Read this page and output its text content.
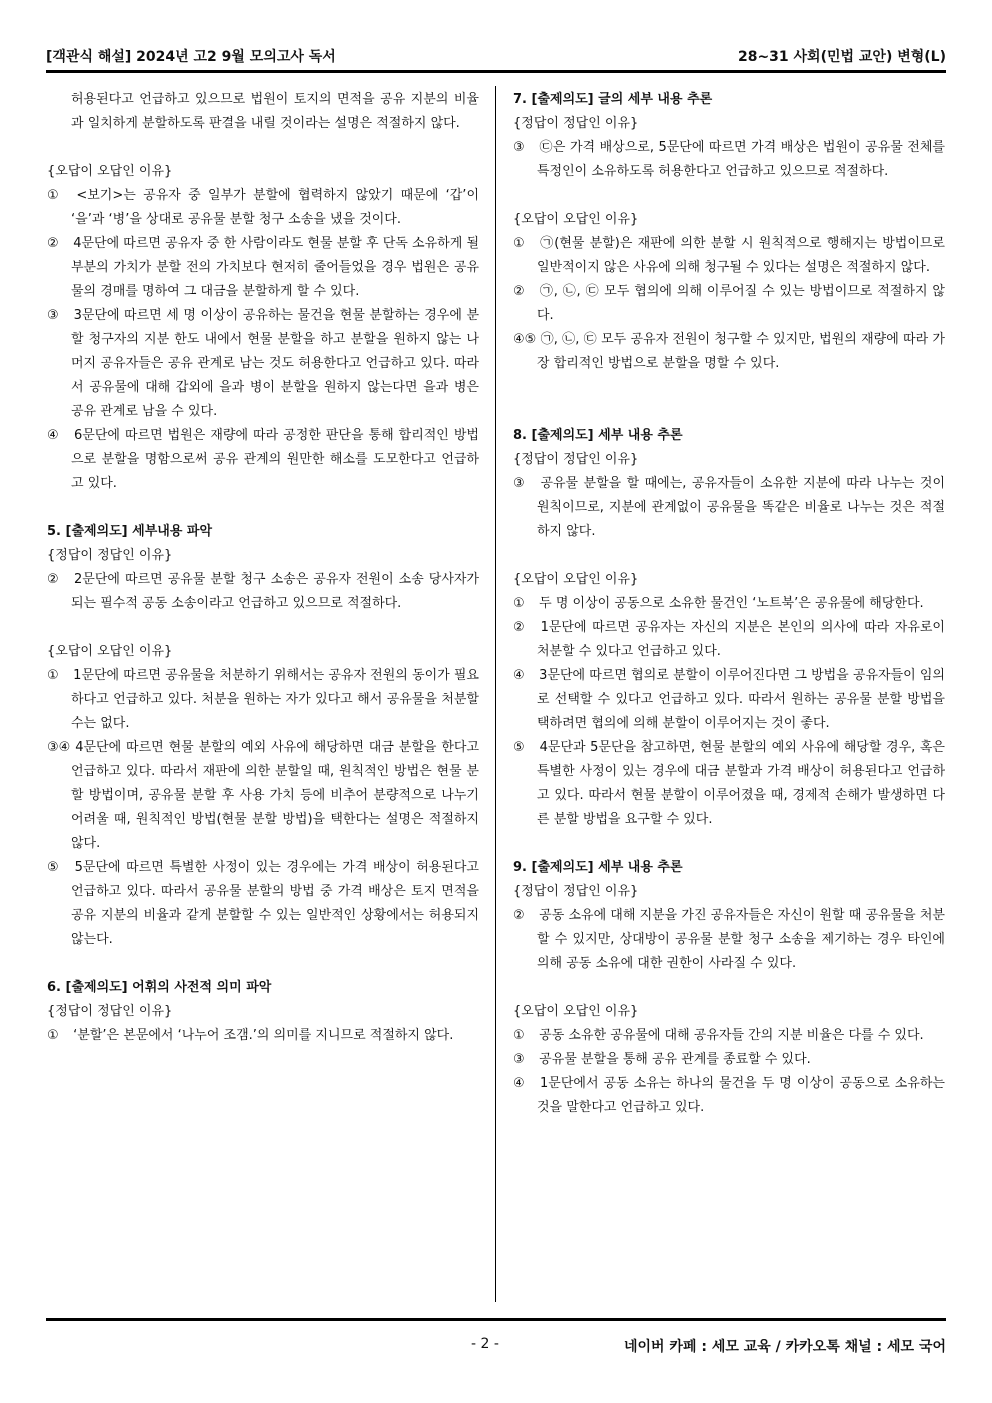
[객관식 해설] 2024년 고2 9월 모의고사 독서	28~31 사회(민법 교안) 변형(L)

허용된다고 언급하고 있으므로 법원이 토지의 면적을 공유 지분의 비율과 일치하게 분할하도록 판결을 내릴 것이라는 설명은 적절하지 않다.

{오답이 오답인 이유}

① <보기>는 공유자 중 일부가 분할에 협력하지 않았기 때문에 ‘갑’이 ‘을’과 ‘병’을 상대로 공유물 분할 청구 소송을 냈을 것이다.

② 4문단에 따르면 공유자 중 한 사람이라도 현물 분할 후 단독 소유하게 될 부분의 가치가 분할 전의 가치보다 현저히 줄어들었을 경우 법원은 공유물의 경매를 명하여 그 대금을 분할하게 할 수 있다.

③ 3문단에 따르면 세 명 이상이 공유하는 물건을 현물 분할하는 경우에 분할 청구자의 지분 한도 내에서 현물 분할을 하고 분할을 원하지 않는 나머지 공유자들은 공유 관계로 남는 것도 허용한다고 언급하고 있다. 따라서 공유물에 대해 갑외에 을과 병이 분할을 원하지 않는다면 을과 병은 공유 관계로 남을 수 있다.

④ 6문단에 따르면 법원은 재량에 따라 공정한 판단을 통해 합리적인 방법으로 분할을 명함으로써 공유 관계의 원만한 해소를 도모한다고 언급하고 있다.

5. [출제의도] 세부내용 파악

{정답이 정답인 이유}

② 2문단에 따르면 공유물 분할 청구 소송은 공유자 전원이 소송 당사자가 되는 필수적 공동 소송이라고 언급하고 있으므로 적절하다.

{오답이 오답인 이유}

① 1문단에 따르면 공유물을 처분하기 위해서는 공유자 전원의 동이가 필요하다고 언급하고 있다. 처분을 원하는 자가 있다고 해서 공유물을 처분할 수는 없다.

③④ 4문단에 따르면 현물 분할의 예외 사유에 해당하면 대금 분할을 한다고 언급하고 있다. 따라서 재판에 의한 분할일 때, 원칙적인 방법은 현물 분할 방법이며, 공유물 분할 후 사용 가치 등에 비추어 분량적으로 나누기 어려울 때, 원칙적인 방법(현물 분할 방법)을 택한다는 설명은 적절하지 않다.

⑤ 5문단에 따르면 특별한 사정이 있는 경우에는 가격 배상이 허용된다고 언급하고 있다. 따라서 공유물 분할의 방법 중 가격 배상은 토지 면적을 공유 지분의 비율과 같게 분할할 수 있는 일반적인 상황에서는 허용되지 않는다.

6. [출제의도] 어휘의 사전적 의미 파악

{정답이 정답인 이유}

① ‘분할’은 본문에서 ‘나누어 조갬.’의 의미를 지니므로 적절하지 않다.

7. [출제의도] 글의 세부 내용 추론

{정답이 정답인 이유}

③ ㉢은 가격 배상으로, 5문단에 따르면 가격 배상은 법원이 공유물 전체를 특정인이 소유하도록 허용한다고 언급하고 있으므로 적절하다.

{오답이 오답인 이유}

① ㉠(현물 분할)은 재판에 의한 분할 시 원칙적으로 행해지는 방법이므로 일반적이지 않은 사유에 의해 청구될 수 있다는 설명은 적절하지 않다.

② ㉠, ㉡, ㉢ 모두 협의에 의해 이루어질 수 있는 방법이므로 적절하지 않다.

④⑤ ㉠, ㉡, ㉢ 모두 공유자 전원이 청구할 수 있지만, 법원의 재량에 따라 가장 합리적인 방법으로 분할을 명할 수 있다.

8. [출제의도] 세부 내용 추론

{정답이 정답인 이유}

③ 공유물 분할을 할 때에는, 공유자들이 소유한 지분에 따라 나누는 것이 원칙이므로, 지분에 관계없이 공유물을 똑같은 비율로 나누는 것은 적절하지 않다.

{오답이 오답인 이유}

① 두 명 이상이 공동으로 소유한 물건인 ‘노트북’은 공유물에 해당한다.

② 1문단에 따르면 공유자는 자신의 지분은 본인의 의사에 따라 자유로이 처분할 수 있다고 언급하고 있다.

④ 3문단에 따르면 협의로 분할이 이루어진다면 그 방법을 공유자들이 임의로 선택할 수 있다고 언급하고 있다. 따라서 원하는 공유물 분할 방법을 택하려면 협의에 의해 분할이 이루어지는 것이 좋다.

⑤ 4문단과 5문단을 참고하면, 현물 분할의 예외 사유에 해당할 경우, 혹은 특별한 사정이 있는 경우에 대금 분할과 가격 배상이 허용된다고 언급하고 있다. 따라서 현물 분할이 이루어졌을 때, 경제적 손해가 발생하면 다른 분할 방법을 요구할 수 있다.

9. [출제의도] 세부 내용 추론

{정답이 정답인 이유}

② 공동 소유에 대해 지분을 가진 공유자들은 자신이 원할 때 공유물을 처분할 수 있지만, 상대방이 공유물 분할 청구 소송을 제기하는 경우 타인에 의해 공동 소유에 대한 권한이 사라질 수 있다.

{오답이 오답인 이유}

① 공동 소유한 공유물에 대해 공유자들 간의 지분 비율은 다를 수 있다.

③ 공유물 분할을 통해 공유 관계를 종료할 수 있다.

④ 1문단에서 공동 소유는 하나의 물건을 두 명 이상이 공동으로 소유하는 것을 말한다고 언급하고 있다.

- 2 -	네이버 카페 : 세모 교육 / 카카오톡 채널 : 세모 국어
